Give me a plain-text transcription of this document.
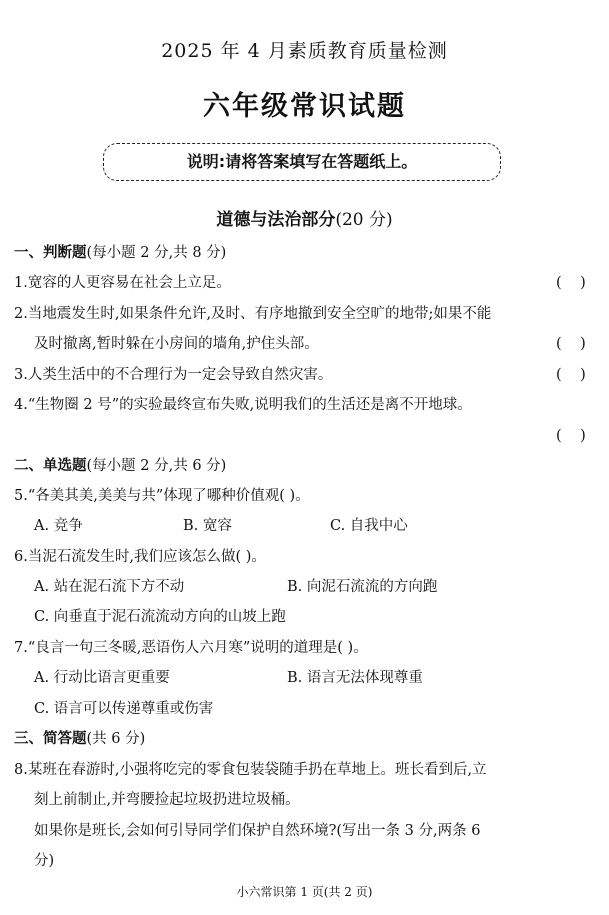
2025 年 4 月素质教育质量检测
六年级常识试题
说明:请将答案填写在答题纸上。
道德与法治部分(20 分)
一、判断题(每小题 2 分,共 8 分)
1.宽容的人更容易在社会上立足。	(    )
2.当地震发生时,如果条件允许,及时、有序地撤到安全空旷的地带;如果不能
及时撤离,暂时躲在小房间的墙角,护住头部。	(    )
3.人类生活中的不合理行为一定会导致自然灾害。	(    )
4.“生物圈 2 号”的实验最终宣布失败,说明我们的生活还是离不开地球。
(    )
二、单选题(每小题 2 分,共 6 分)
5.“各美其美,美美与共”体现了哪种价值观( )。
A. 竞争	B. 宽容	C. 自我中心
6.当泥石流发生时,我们应该怎么做( )。
A. 站在泥石流下方不动	B. 向泥石流流的方向跑
C. 向垂直于泥石流流动方向的山坡上跑
7.“良言一句三冬暖,恶语伤人六月寒”说明的道理是( )。
A. 行动比语言更重要	B. 语言无法体现尊重
C. 语言可以传递尊重或伤害
三、简答题(共 6 分)
8.某班在春游时,小强将吃完的零食包装袋随手扔在草地上。班长看到后,立
刻上前制止,并弯腰捡起垃圾扔进垃圾桶。
如果你是班长,会如何引导同学们保护自然环境?(写出一条 3 分,两条 6
分)
小六常识第 1 页(共 2 页)
